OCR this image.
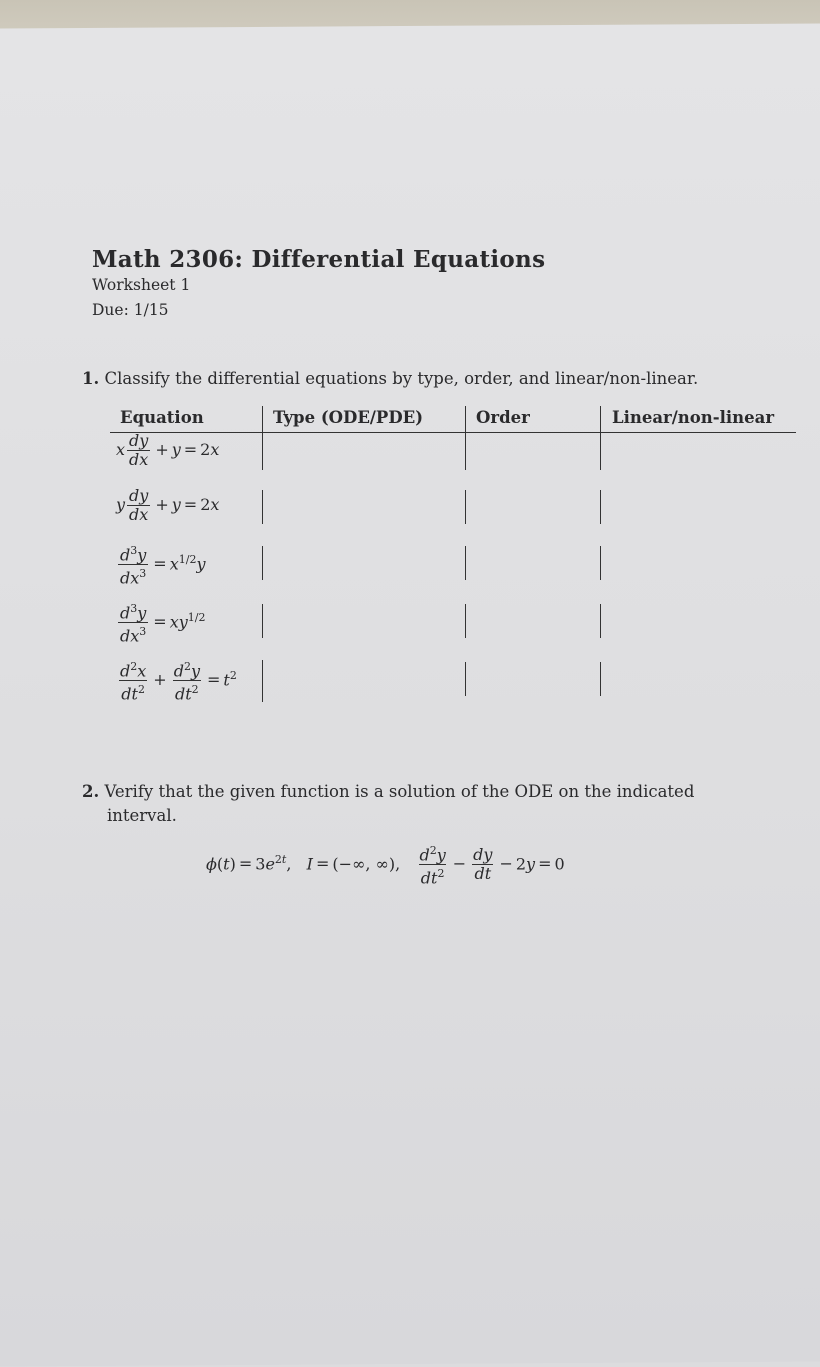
Math 2306: Differential Equations
Worksheet 1
Due: 1/15
1. Classify the differential equations by type, order, and linear/non-linear.
Equation	Type (ODE/PDE)	Order	Linear/non-linear
x $\frac{dy}{dx} + y = 2x$
y $\frac{dy}{dx} + y = 2x$
$\frac{d^3y}{dx^3} = x^{1/2}y$
$\frac{d^3y}{dx^3} = xy^{1/2}$
$\frac{d^2x}{dt^2} + \frac{d^2y}{dt^2} = t^2$
2. Verify that the given function is a solution of the ODE on the indicated
interval.
$\phi(t) = 3e^{2t}$,   I = (−∞, ∞), $\frac{d^2y}{dt^2} - \frac{dy}{dt} - 2y = 0$
